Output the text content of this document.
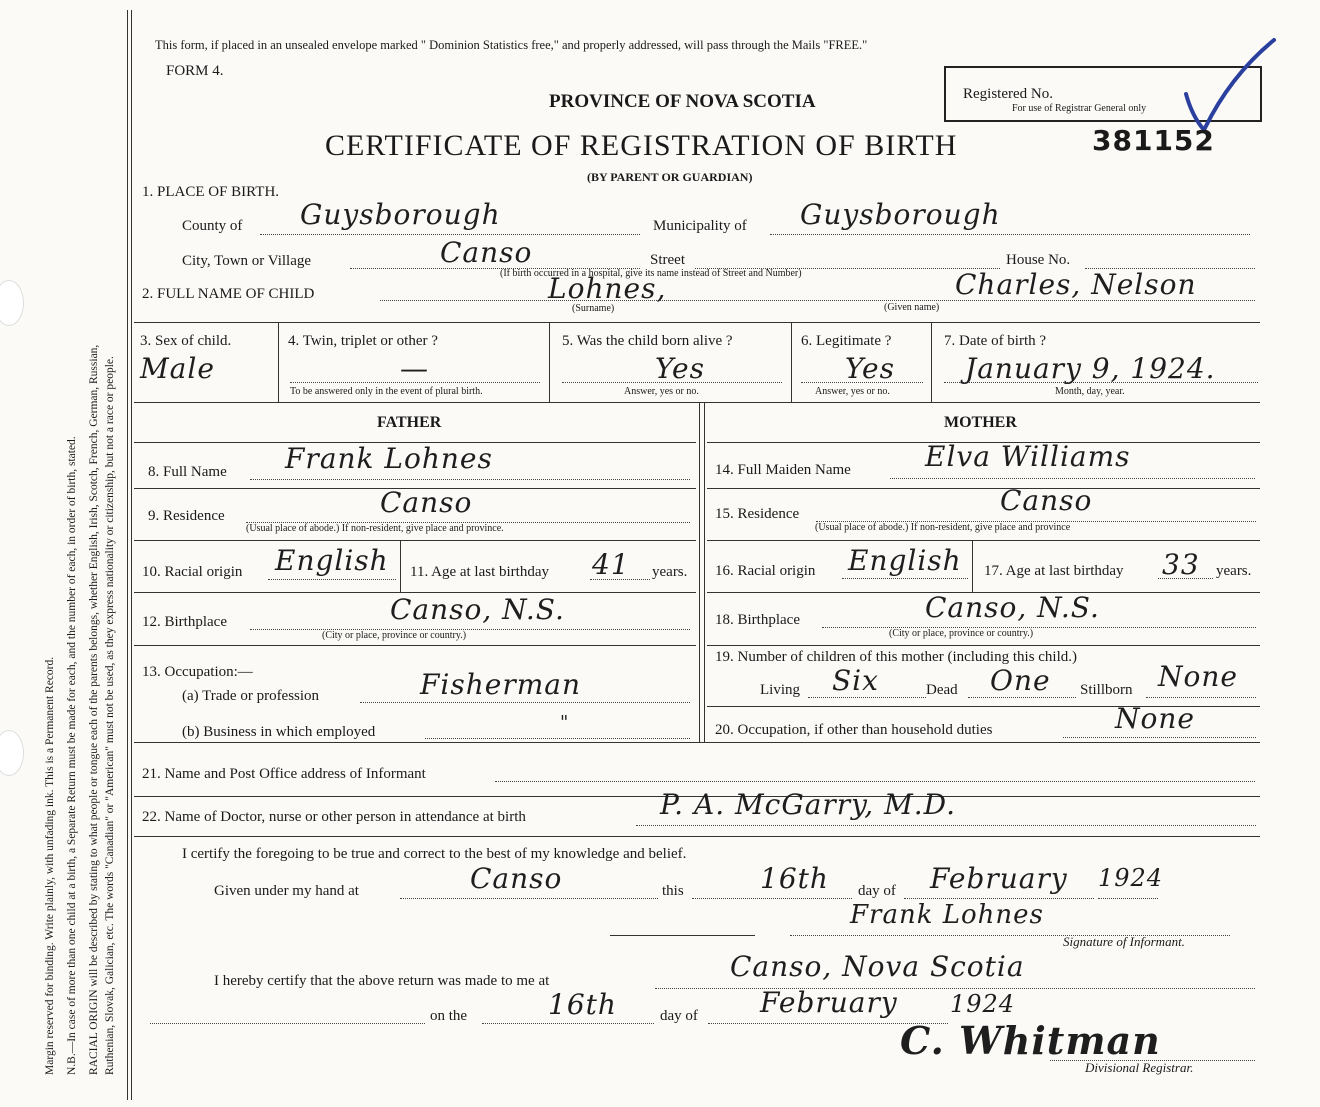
Margin reserved for binding. Write plainly, with unfading ink. This is a Permanent Record. N.B.—In case of more than one child at a birth, a Separate Return must be made for each, and the number of each, in order of birth, stated. RACIAL ORIGIN will be described by stating to what people or tongue each of the parents belongs, whether English, Irish, Scotch, French, German, Russian, Ruthenian, Slovak, Galician, etc. The words "Canadian" or "American" must not be used, as they express nationality or citizenship, but not a race or people.
This form, if placed in an unsealed envelope marked " Dominion Statistics free," and properly addressed, will pass through the Mails "FREE."
FORM 4.
PROVINCE OF NOVA SCOTIA
CERTIFICATE OF REGISTRATION OF BIRTH
(BY PARENT OR GUARDIAN)
Registered No.
For use of Registrar General only
381152
1. PLACE OF BIRTH.
County of Guysborough	Municipality of Guysborough
City, Town or Village	Canso	Street	House No.
(If birth occurred in a hospital, give its name instead of Street and Number)
2. FULL NAME OF CHILD	Lohnes,	Charles, Nelson
(Surname)	(Given name)
3. Sex of child.
Male
4. Twin, triplet or other ?
—
To be answered only in the event of plural birth.
5. Was the child born alive ?
Yes
Answer, yes or no.
6. Legitimate ?
Yes
Answer, yes or no.
7. Date of birth ?
January 9, 1924.
Month, day, year.
FATHER	MOTHER
8. Full Name Frank Lohnes
9. Residence	Canso
(Usual place of abode.) If non-resident, give place and province.
10. Racial origin English 11. Age at last birthday 41 years.
12. Birthplace	Canso, N.S.
(City or place, province or country.)
13. Occupation:—
(a) Trade or profession	Fisherman
(b) Business in which employed	"
14. Full Maiden Name	Elva Williams
15. Residence	Canso
(Usual place of abode.) If non-resident, give place and province
16. Racial origin English 17. Age at last birthday 33 years.
18. Birthplace	Canso, N.S.
(City or place, province or country.)
19. Number of children of this mother (including this child.)
Living Six	Dead One Stillborn None
20. Occupation, if other than household duties	None
21. Name and Post Office address of Informant
22. Name of Doctor, nurse or other person in attendance at birth	P. A. McGarry, M.D.
I certify the foregoing to be true and correct to the best of my knowledge and belief.
Given under my hand at	Canso	this	16th day of February 1924
Frank Lohnes
Signature of Informant.
I hereby certify that the above return was made to me at	Canso, Nova Scotia
on the	16th	day of February 1924
C. Whitman
Divisional Registrar.
